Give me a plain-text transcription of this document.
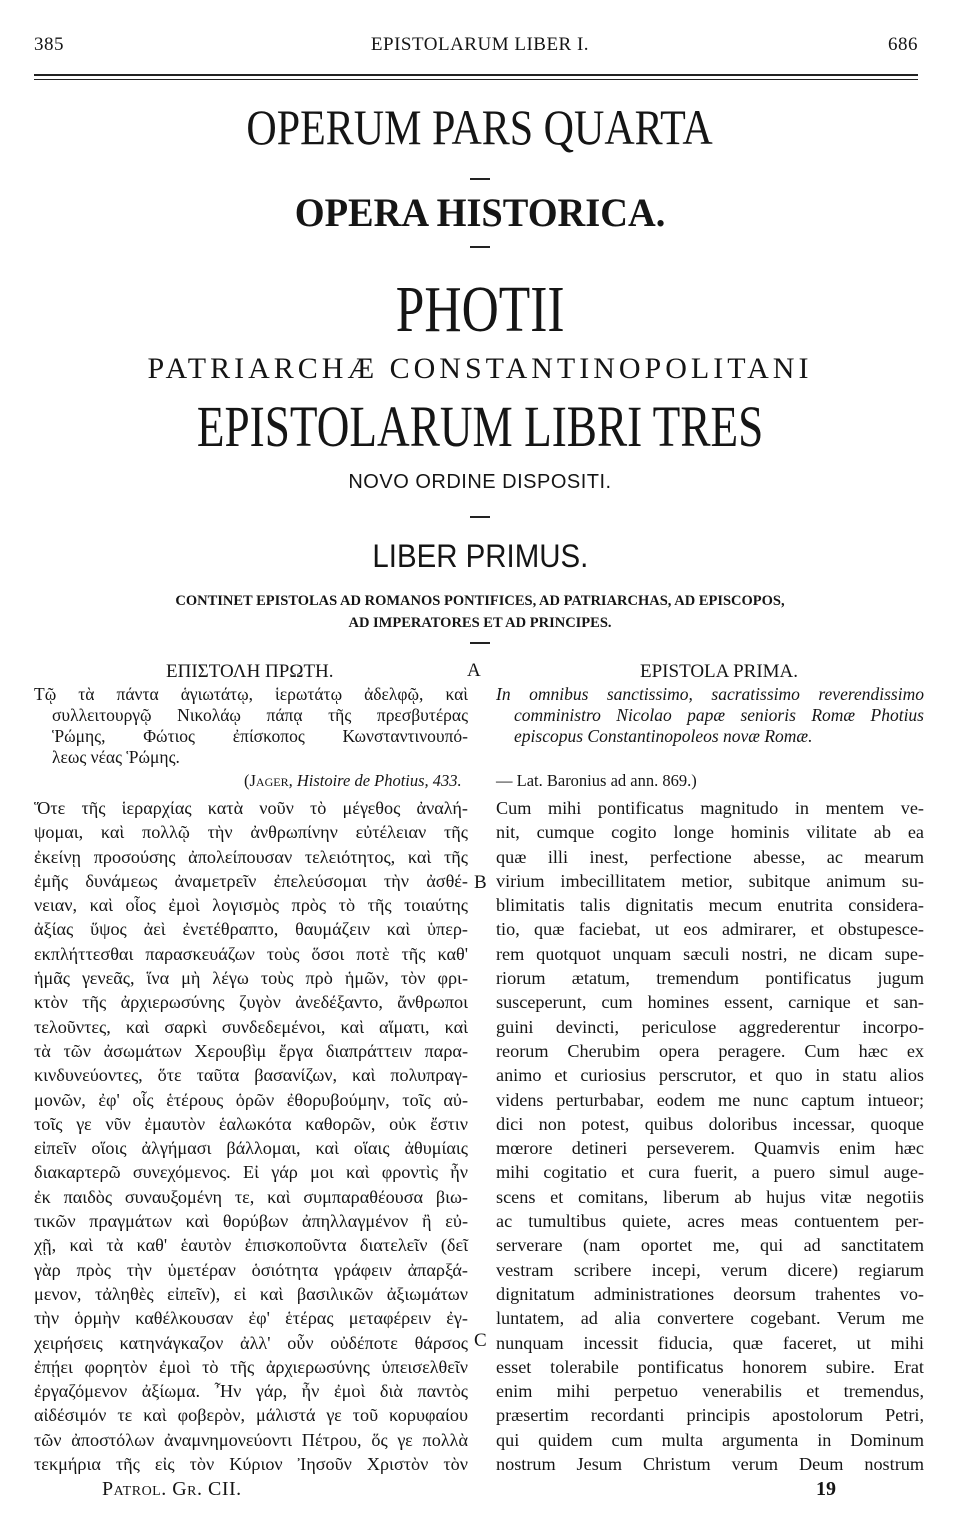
385	EPISTOLARUM LIBER I.	686
OPERUM PARS QUARTA
OPERA HISTORICA.
PHOTII
PATRIARCHÆ CONSTANTINOPOLITANI
EPISTOLARUM LIBRI TRES
NOVO ORDINE DISPOSITI.
LIBER PRIMUS.
CONTINET EPISTOLAS AD ROMANOS PONTIFICES, AD PATRIARCHAS, AD EPISCOPOS,
AD IMPERATORES ET AD PRINCIPES.
ΕΠΙΣΤΟΛΗ ΠΡΩΤΗ.	EPISTOLA PRIMA.
A
B
C
Τῷ τὰ πάντα ἁγιωτάτῳ, ἱερωτάτῳ ἀδελφῷ, καὶ
συλλειτουργῷ Νικολάῳ πάπᾳ τῆς πρεσβυτέρας
Ῥώμης, Φώτιος ἐπίσκοπος Κωνσταντινουπό-
λεως νέας Ῥώμης.
In omnibus sanctissimo, sacratissimo reverendissimo
comministro Nicolao papæ senioris Romæ Photius
episcopus Constantinopoleos novæ Romæ.
(Jager, Histoire de Photius, 433. — Lat. Baronius ad ann. 869.)
Ὅτε τῆς ἱεραρχίας κατὰ νοῦν τὸ μέγεθος ἀναλή-
ψομαι, καὶ πολλῷ τὴν ἀνθρωπίνην εὐτέλειαν τῆς
ἐκείνῃ προσούσης ἀπολείπουσαν τελειότητος, καὶ τῆς
ἐμῆς δυνάμεως ἀναμετρεῖν ἐπελεύσομαι τὴν ἀσθέ-
νειαν, καὶ οἷος ἐμοὶ λογισμὸς πρὸς τὸ τῆς τοιαύτης
ἀξίας ὕψος ἀεὶ ἐνετέθραπτο, θαυμάζειν καὶ ὑπερ-
εκπλήττεσθαι παρασκευάζων τοὺς ὅσοι ποτὲ τῆς καθ'
ἡμᾶς γενεᾶς, ἵνα μὴ λέγω τοὺς πρὸ ἡμῶν, τὸν φρι-
κτὸν τῆς ἀρχιερωσύνης ζυγὸν ἀνεδέξαντο, ἄνθρωποι
τελοῦντες, καὶ σαρκὶ συνδεδεμένοι, καὶ αἵματι, καὶ
τὰ τῶν ἀσωμάτων Χερουβὶμ ἔργα διαπράττειν παρα-
κινδυνεύοντες, ὅτε ταῦτα βασανίζων, καὶ πολυπραγ-
μονῶν, ἐφ' οἷς ἑτέρους ὁρῶν ἐθορυβούμην, τοῖς αὐ-
τοῖς γε νῦν ἐμαυτὸν ἑαλωκότα καθορῶν, οὐκ ἔστιν
εἰπεῖν οἵοις ἀλγήμασι βάλλομαι, καὶ οἵαις ἀθυμίαις
διακαρτερῶ συνεχόμενος. Εἰ γάρ μοι καὶ φροντὶς ἦν
ἐκ παιδὸς συναυξομένη τε, καὶ συμπαραθέουσα βιω-
τικῶν πραγμάτων καὶ θορύβων ἀπηλλαγμένον ἢ εὐ-
χῇ, καὶ τὰ καθ' ἑαυτὸν ἐπισκοποῦντα διατελεῖν (δεῖ
γὰρ πρὸς τὴν ὑμετέραν ὁσιότητα γράφειν ἀπαρξά-
μενον, τἀληθὲς εἰπεῖν), εἰ καὶ βασιλικῶν ἀξιωμάτων
τὴν ὁρμὴν καθέλκουσαν ἐφ' ἑτέρας μεταφέρειν ἐγ-
χειρήσεις κατηνάγκαζον ἀλλ' οὖν οὐδέποτε θάρσος
ἐπῄει φορητὸν ἐμοὶ τὸ τῆς ἀρχιερωσύνης ὑπεισελθεῖν
ἐργαζόμενον ἀξίωμα. Ἦν γάρ, ἦν ἐμοὶ διὰ παντὸς
αἰδέσιμόν τε καὶ φοβερὸν, μάλιστά γε τοῦ κορυφαίου
τῶν ἀποστόλων ἀναμνημονεύοντι Πέτρου, ὅς γε πολλὰ
τεκμήρια τῆς εἰς τὸν Κύριον Ἰησοῦν Χριστὸν τὸν
Cum mihi pontificatus magnitudo in mentem ve-
nit, cumque cogito longe hominis vilitate ab ea
quæ illi inest, perfectione abesse, ac mearum
virium imbecillitatem metior, subitque animum su-
blimitatis talis dignitatis mecum enutrita considera-
tio, quæ faciebat, ut eos admirarer, et obstupesce-
rem quotquot unquam sæculi nostri, ne dicam supe-
riorum ætatum, tremendum pontificatus jugum
susceperunt, cum homines essent, carnique et san-
guini devincti, periculose aggrederentur incorpo-
reorum Cherubim opera peragere. Cum hæc ex
animo et curiosius perscrutor, et quo in statu alios
videns perturbabar, eodem me nunc captum intueor;
dici non potest, quibus doloribus incessar, quoque
mœrore detineri perseverem. Quamvis enim hæc
mihi cogitatio et cura fuerit, a puero simul auge-
scens et comitans, liberum ab hujus vitæ negotiis
ac tumultibus quiete, acres meas contuentem per-
serverare (nam oportet me, qui ad sanctitatem
vestram scribere incepi, verum dicere) regiarum
dignitatum administrationes deorsum trahentes vo-
luntatem, ad alia convertere cogebant. Verum me
nunquam incessit fiducia, quæ faceret, ut mihi
esset tolerabile pontificatus honorem subire. Erat
enim mihi perpetuo venerabilis et tremendus,
præsertim recordanti principis apostolorum Petri,
qui quidem cum multa argumenta in Dominum
nostrum Jesum Christum verum Deum nostrum
Patrol. Gr. CII.	19
